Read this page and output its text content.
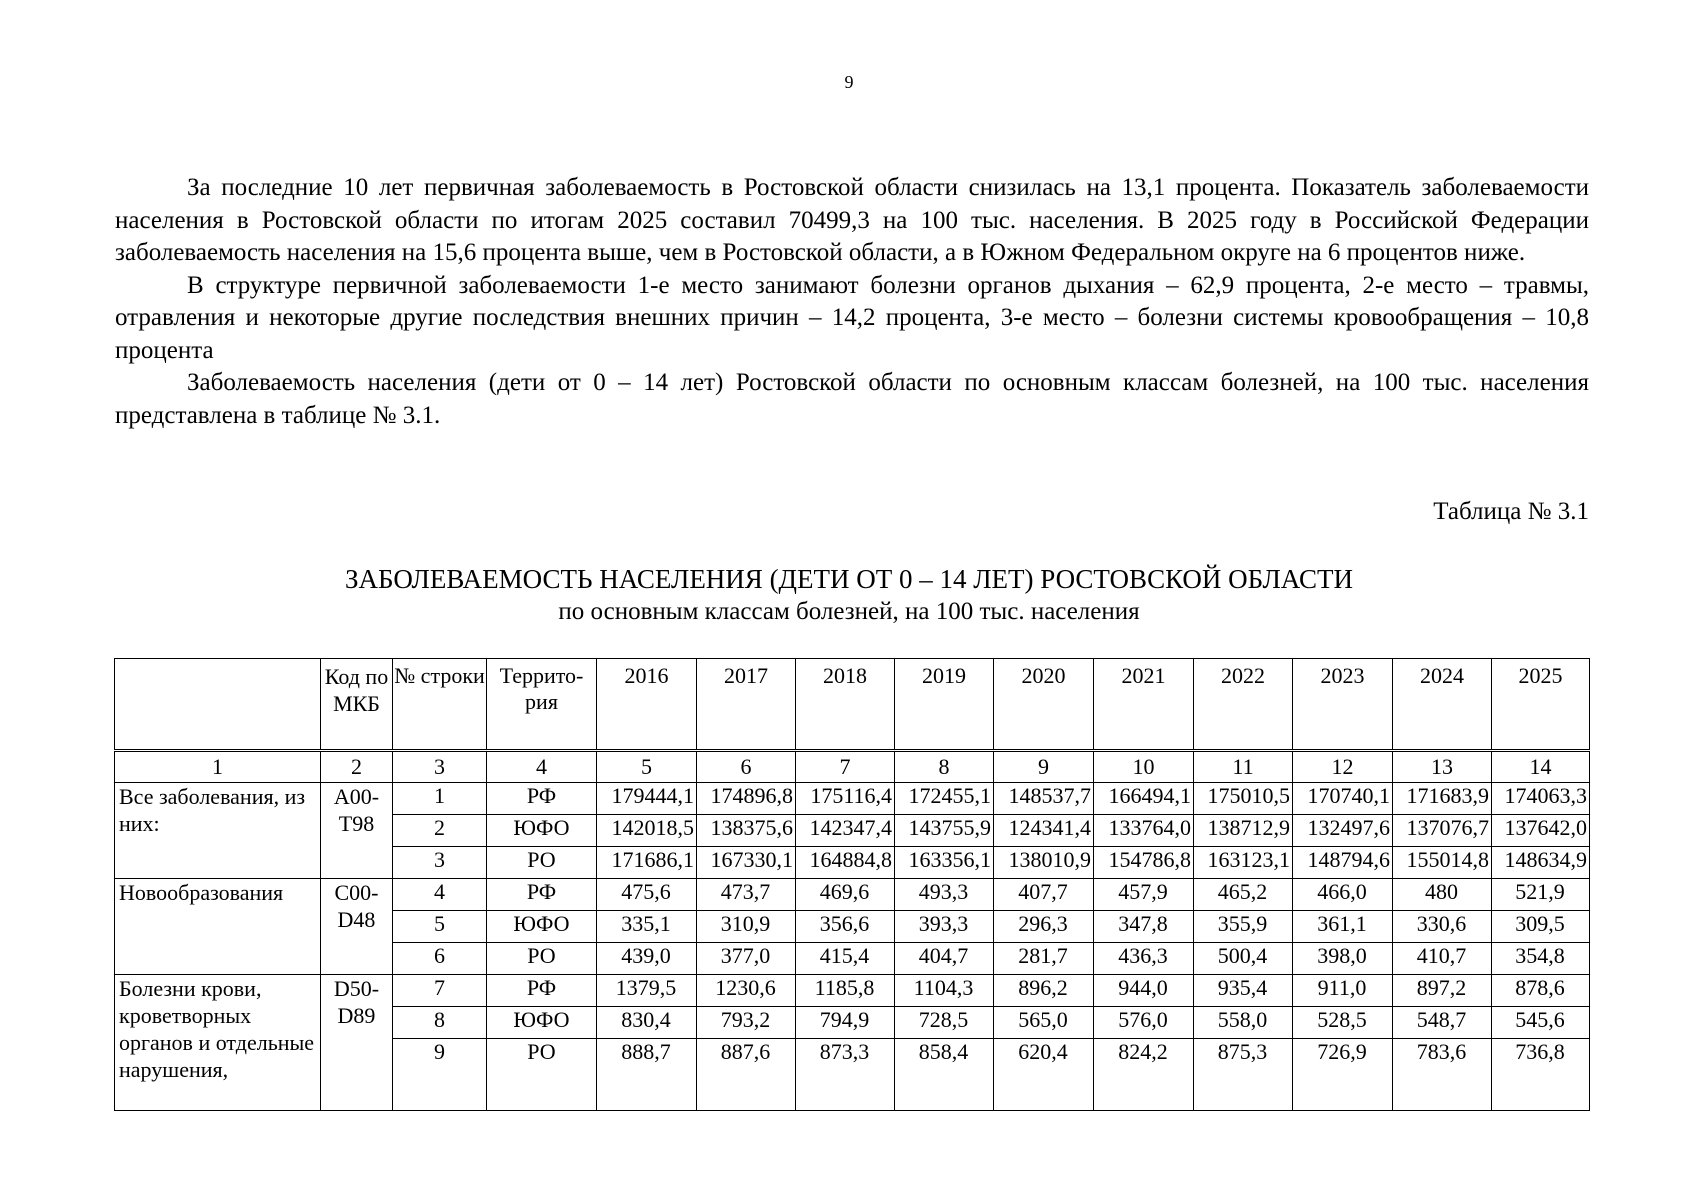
9

За последние 10 лет первичная заболеваемость в Ростовской области снизилась на 13,1 процента. Показатель заболеваемости населения в Ростовской области по итогам 2025 составил 70499,3 на 100 тыс. населения. В 2025 году в Российской Федерации заболеваемость населения на 15,6 процента выше, чем в Ростовской области, а в Южном Федеральном округе на 6 процентов ниже.

В структуре первичной заболеваемости 1-е место занимают болезни органов дыхания – 62,9 процента, 2-е место – травмы, отравления и некоторые другие последствия внешних причин – 14,2 процента, 3-е место – болезни системы кровообращения – 10,8 процента

Заболеваемость населения (дети от 0 – 14 лет) Ростовской области по основным классам болезней, на 100 тыс. населения представлена в таблице № 3.1.

Таблица № 3.1
ЗАБОЛЕВАЕМОСТЬ НАСЕЛЕНИЯ (ДЕТИ ОТ 0 – 14 ЛЕТ) РОСТОВСКОЙ ОБЛАСТИ
по основным классам болезней, на 100 тыс. населения
	Код по МКБ	№ строки	Террито-рия	2016	2017	2018	2019	2020	2021	2022	2023	2024	2025
1	2	3	4	5	6	7	8	9	10	11	12	13	14
Все заболевания, из них:	A00-T98	1	РФ	179444,1	174896,8	175116,4	172455,1	148537,7	166494,1	175010,5	170740,1	171683,9	174063,3
		2	ЮФО	142018,5	138375,6	142347,4	143755,9	124341,4	133764,0	138712,9	132497,6	137076,7	137642,0
		3	РО	171686,1	167330,1	164884,8	163356,1	138010,9	154786,8	163123,1	148794,6	155014,8	148634,9
Новообразования	C00-D48	4	РФ	475,6	473,7	469,6	493,3	407,7	457,9	465,2	466,0	480	521,9
		5	ЮФО	335,1	310,9	356,6	393,3	296,3	347,8	355,9	361,1	330,6	309,5
		6	РО	439,0	377,0	415,4	404,7	281,7	436,3	500,4	398,0	410,7	354,8
Болезни крови, кроветворных органов и отдельные нарушения,	D50-D89	7	РФ	1379,5	1230,6	1185,8	1104,3	896,2	944,0	935,4	911,0	897,2	878,6
		8	ЮФО	830,4	793,2	794,9	728,5	565,0	576,0	558,0	528,5	548,7	545,6
		9	РО	888,7	887,6	873,3	858,4	620,4	824,2	875,3	726,9	783,6	736,8
